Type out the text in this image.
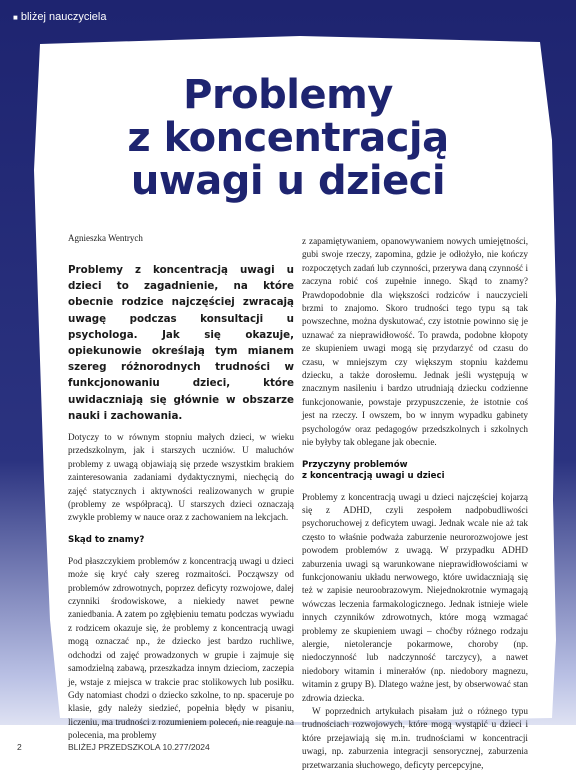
■ bliżej nauczyciela
Problemy
z koncentracją
uwagi u dzieci
Agnieszka Wentrych
Problemy z koncentracją uwagi u dzieci to zagadnienie, na które obecnie rodzice najczęściej zwracają uwagę podczas konsultacji u psychologa. Jak się okazuje, opiekunowie określają tym mianem szereg różnorodnych trudności w funkcjonowaniu dzieci, które uwidaczniają się głównie w obszarze nauki i zachowania.

Dotyczy to w równym stopniu małych dzieci, w wieku przedszkolnym, jak i starszych uczniów. U maluchów problemy z uwagą objawiają się przede wszystkim brakiem zainteresowania zadaniami dydaktycznymi, niechęcią do zajęć statycznych i aktywności realizowanych w grupie (problemy ze współpracą). U starszych dzieci oznaczają zwykle problemy w nauce oraz z zachowaniem na lekcjach.

Skąd to znamy?

Pod płaszczykiem problemów z koncentracją uwagi u dzieci może się kryć cały szereg rozmaitości. Począwszy od problemów zdrowotnych, poprzez deficyty rozwojowe, dalej czynniki środowiskowe, a niekiedy nawet pewne zaniedbania. A zatem po zgłębieniu tematu podczas wywiadu z rodzicem okazuje się, że problemy z koncentracją uwagi mogą oznaczać np., że dziecko jest bardzo ruchliwe, odchodzi od zajęć prowadzonych w grupie i zajmuje się samodzielną zabawą, przeszkadza innym dzieciom, zaczepia je, wstaje z miejsca w trakcie prac stolikowych lub posiłku. Gdy natomiast chodzi o dziecko szkolne, to np. spaceruje po klasie, gdy należy siedzieć, popełnia błędy w pisaniu, liczeniu, ma trudności z rozumieniem poleceń, nie reaguje na polecenia, ma problemy

z zapamiętywaniem, opanowywaniem nowych umiejętności, gubi swoje rzeczy, zapomina, gdzie je odłożyło, nie kończy rozpoczętych zadań lub czynności, przerywa daną czynność i zaczyna robić coś zupełnie innego. Skąd to znamy? Prawdopodobnie dla większości rodziców i nauczycieli brzmi to znajomo. Skoro trudności tego typu są tak powszechne, można dyskutować, czy istotnie powinno się je uznawać za nieprawidłowość. To prawda, podobne kłopoty ze skupieniem uwagi mogą się przydarzyć od czasu do czasu, w mniejszym czy większym stopniu każdemu dziecku, a także dorosłemu. Jednak jeśli występują w znacznym nasileniu i bardzo utrudniają dziecku codzienne funkcjonowanie, powstaje przypuszczenie, że istotnie coś jest na rzeczy. I owszem, bo w innym wypadku gabinety psychologów oraz pedagogów przedszkolnych i szkolnych nie byłyby tak oblegane jak obecnie.

Przyczyny problemów
z koncentracją uwagi u dzieci

Problemy z koncentracją uwagi u dzieci najczęściej kojarzą się z ADHD, czyli zespołem nadpobudliwości psychoruchowej z deficytem uwagi. Jednak wcale nie aż tak często to właśnie podważa zaburzenie neurorozwojowe jest powodem problemów z uwagą. W przypadku ADHD zaburzenia uwagi są warunkowane nieprawidłowościami w funkcjonowaniu układu nerwowego, które uwidaczniają się też w zapisie neuroobrazowym. Niejednokrotnie wymagają wówczas leczenia farmakologicznego. Jednak istnieje wiele innych czynników zdrowotnych, które mogą wzmagać problemy ze skupieniem uwagi – choćby różnego rodzaju alergie, nietolerancje pokarmowe, choroby (np. niedoczynność lub nadczynność tarczycy), a nawet niedobory witamin i minerałów (np. niedobory magnezu, witamin z grupy B). Dlatego ważne jest, by obserwować stan zdrowia dziecka.

W poprzednich artykułach pisałam już o różnego typu trudnościach rozwojowych, które mogą wystąpić u dzieci i które przejawiają się m.in. trudnościami w koncentracji uwagi, np. zaburzenia integracji sensorycznej, zaburzenia przetwarzania słuchowego, deficyty percepcyjne,

2	BLIŻEJ PRZEDSZKOLA 10.277/2024
